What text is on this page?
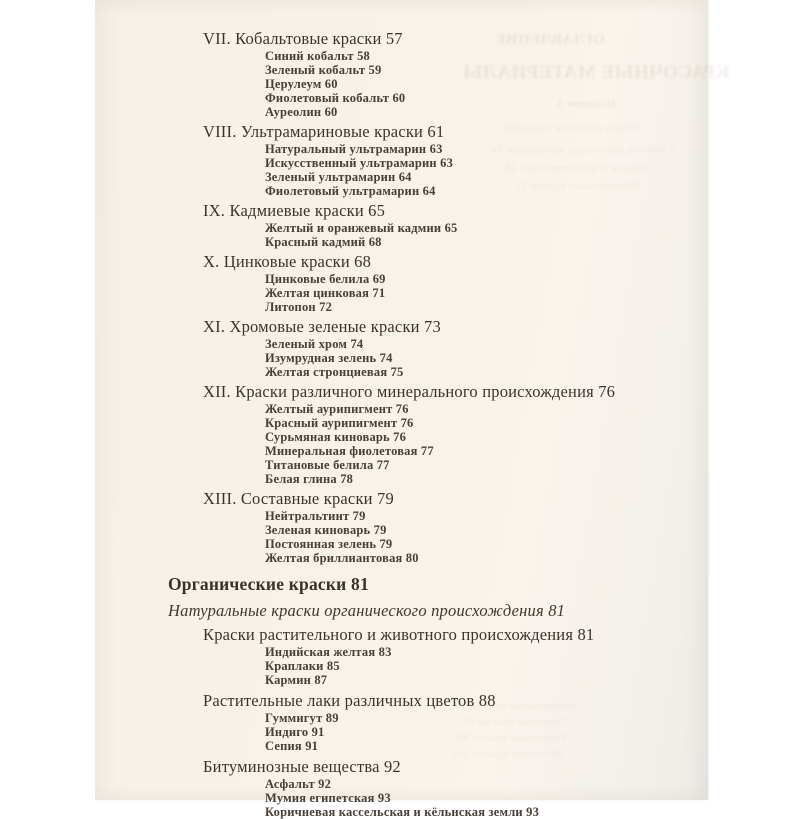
ОГЛАВЛЕНИЕ
КРАСОЧНЫЕ МАТЕРИАЛЫ
Издание 5
Общие сведения о красках
Свойства красочных материалов 14
Краски и их применение 19
Минеральные краски 25
Акварельные краски 95
Гуашевые краски 97
Темперные краски 99
Масляные краски 102
VII. Кобальтовые краски 57
Синий кобальт 58
Зеленый кобальт 59
Церулеум 60
Фиолетовый кобальт 60
Ауреолин 60
VIII. Ультрамариновые краски 61
Натуральный ультрамарин 63
Искусственный ультрамарин 63
Зеленый ультрамарин 64
Фиолетовый ультрамарин 64
IX. Кадмиевые краски 65
Желтый и оранжевый кадмии 65
Красный кадмий 68
X. Цинковые краски 68
Цинковые белила 69
Желтая цинковая 71
Литопон 72
XI. Хромовые зеленые краски 73
Зеленый хром 74
Изумрудная зелень 74
Желтая стронциевая 75
XII. Краски различного минерального происхождения 76
Желтый аурипигмент 76
Красный аурипигмент 76
Сурьмяная киноварь 76
Минеральная фиолетовая 77
Титановые белила 77
Белая глина 78
XIII. Составные краски 79
Нейтральтинт 79
Зеленая киноварь 79
Постоянная зелень 79
Желтая бриллиантовая 80
Органические краски 81
Натуральные краски органического происхождения 81
Краски растительного и животного происхождения 81
Индийская желтая 83
Краплаки 85
Кармин 87
Растительные лаки различных цветов 88
Гуммигут 89
Индиго 91
Сепия 91
Битуминозные вещества 92
Асфальт 92
Мумия египетская 93
Коричневая кассельская и кёльнская земли 93
